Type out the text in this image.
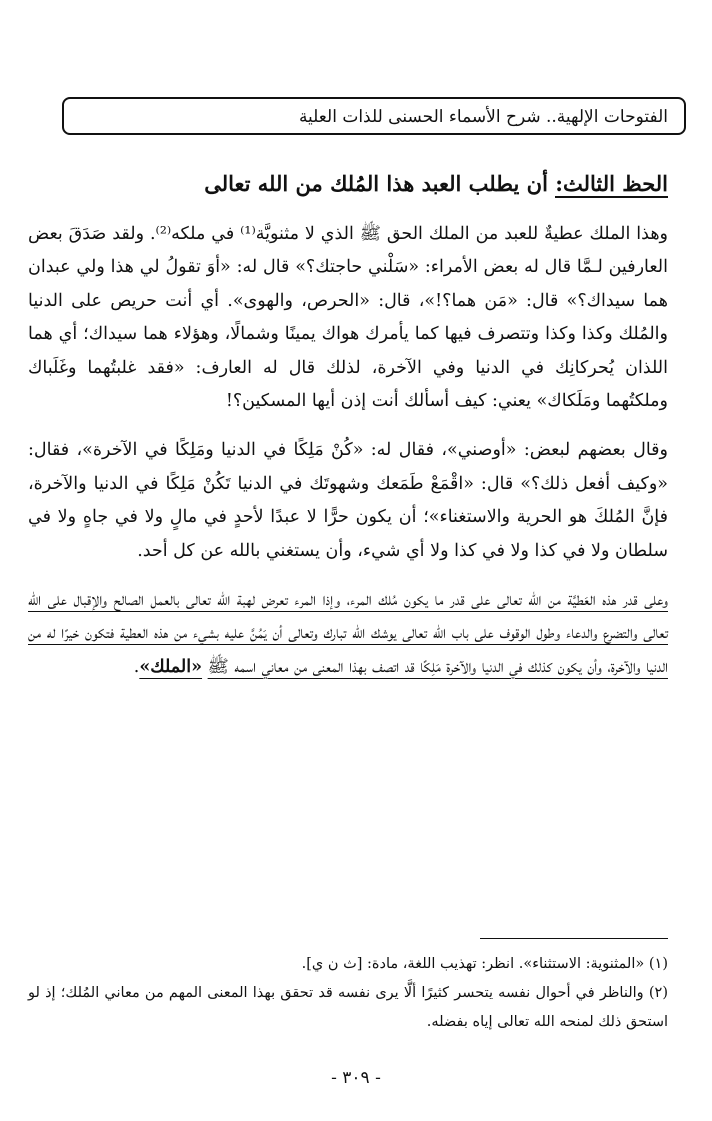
الفتوحات الإلهية.. شرح الأسماء الحسنى للذات العلية
الحظ الثالث: أن يطلب العبد هذا المُلك من الله تعالى

وهذا الملك عطيةٌ للعبد من الملك الحق ﷺ الذي لا مثنويَّة⁽¹⁾ في ملكه⁽²⁾. ولقد صَدَقَ بعض العارفين لـمَّا قال له بعض الأمراء: «سَلْني حاجتك؟» قال له: «أوَ تقولُ لي هذا ولي عبدان هما سيداك؟» قال: «مَن هما؟!»، قال: «الحرص، والهوى». أي أنت حريص على الدنيا والمُلك وكذا وكذا وتتصرف فيها كما يأمرك هواك يمينًا وشمالًا، وهؤلاء هما سيداك؛ أي هما اللذان يُحركانِك في الدنيا وفي الآخرة، لذلك قال له العارف: «فقد غلبتُهما وغَلَباك وملكتُهما ومَلَكاك» يعني: كيف أسألك أنت إذن أيها المسكين؟!

وقال بعضهم لبعض: «أوصني»، فقال له: «كُنْ مَلِكًا في الدنيا ومَلِكًا في الآخرة»، فقال: «وكيف أفعل ذلك؟» قال: «اقْمَعْ طَمَعك وشهوتَك في الدنيا تَكُنْ مَلِكًا في الدنيا والآخرة، فإنَّ المُلكَ هو الحرية والاستغناء»؛ أن يكون حرًّا لا عبدًا لأحدٍ في مالٍ ولا في جاهٍ ولا في سلطان ولا في كذا ولا في كذا ولا أي شيء، وأن يستغني بالله عن كل أحد.

وعلى قدر هذه العَطيَّة من الله تعالى على قدر ما يكون مُلك المرء، وإذا المرء تعرض لهبة الله تعالى بالعمل الصالح والإقبال على الله تعالى والتضرع والدعاء وطول الوقوف على باب الله تعالى يوشك الله تبارك وتعالى أن يَمُنَّ عليه بشيء من هذه العطية فتكون خيرًا له من الدنيا والآخرة، وأن يكون كذلك في الدنيا والآخرة مَلِكًا قد اتصف بهذا المعنى من معاني اسمه ﷺ «الملك».

(١) «المثنوية: الاستثناء». انظر: تهذيب اللغة، مادة: [ث ن ي].

(٢) والناظر في أحوال نفسه يتحسر كثيرًا ألَّا يرى نفسه قد تحقق بهذا المعنى المهم من معاني المُلك؛ إذ لو استحق ذلك لمنحه الله تعالى إياه بفضله.

- ٣٠٩ -
